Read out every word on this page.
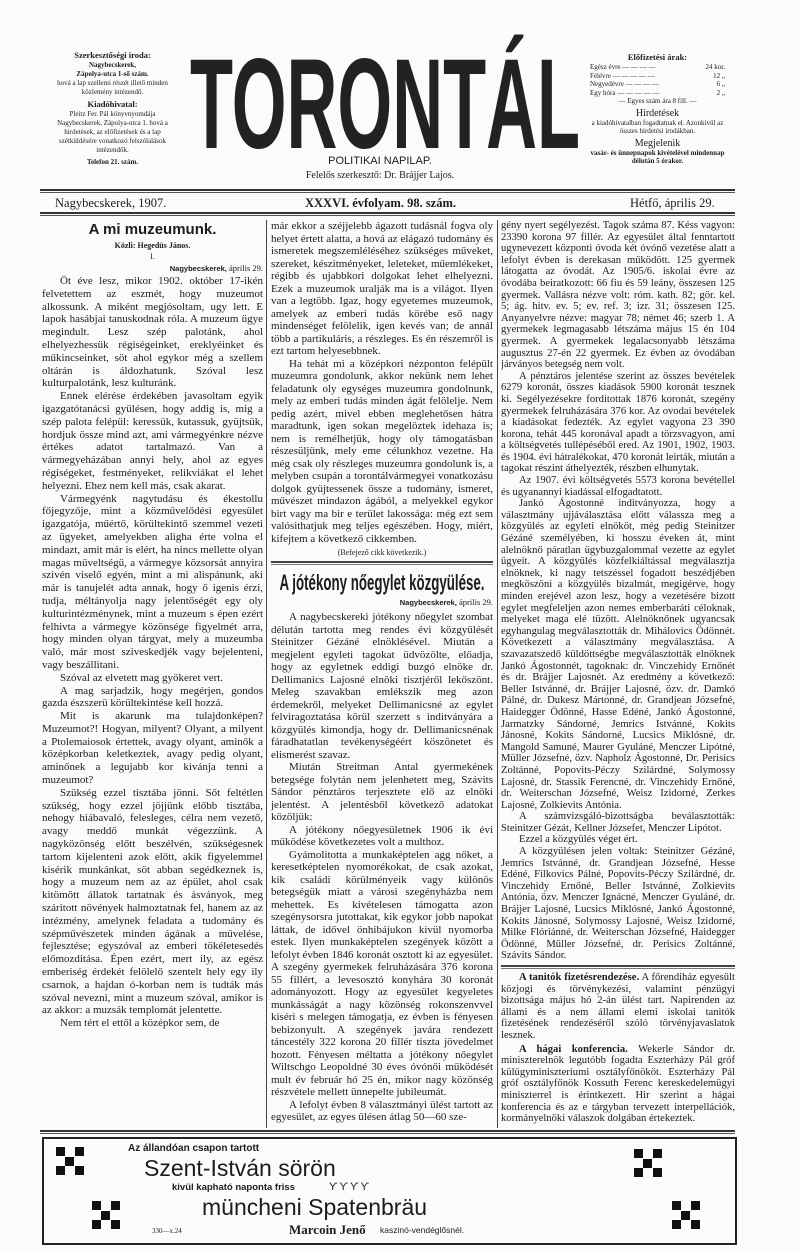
Szerkesztőségi iroda:
Nagybecskerek,
Zápolya-utca 1-ső szám.
hová a lap szellemi részét illető minden közlemény intézendő.
Kiadóhivatal:
Pleitz Fer. Pál könyvnyomdája Nagybecskerek, Zápolya-utca 1. hová a hirdetések, az előfizetések és a lap szétküldésére vonatkozó felszólalások intézendők.
Telefon 21. szám. TORONTÁL
POLITIKAI NAPILAP.
Felelős szerkesztő: Dr. Brájjer Lajos.
Előfizetési árak:
Egész évre — — — —	24 kor.
Félévre — — — — —	12 „
Negyedévre — — — —	6 „
Egy hóra — — — — —	2 „
— Egyes szám ára 8 fill. —
Hirdetések
a kiadóhivatalban fogadtatnak el. Azonkivül az összes hirdetési irodákban.
Megjelenik
vasár- és ünnepnapok kivételével mindennap délután 5 órakor.
Nagybecskerek, 1907.	XXXVI. évfolyam. 98. szám.	Hétfő, április 29.
A mi muzeumunk.
Közli: Hegedüs János.
I.
Nagybecskerek, április 29.

Öt éve lesz, mikor 1902. október 17-ikén felvetettem az eszmét, hogy muzeumot alkossunk. A miként megjósoltam, ugy lett. E lapok hasábjai tanuskodnak róla. A muzeum ügye megindult. Lesz szép palotánk, ahol elhelyezhessük régiségeinket, ereklyéinket és műkincseinket, söt ahol egykor még a szellem oltárán is áldozhatunk. Szóval lesz kulturpalotánk, lesz kulturánk.

Ennek elérése érdekében javasoltam egyik igazgatótanácsi gyülésen, hogy addig is, mig a szép palota felépül: keressük, kutassuk, gyüjtsük, hordjuk össze mind azt, ami vármegyénkre nézve értékes adatot tartalmazó. Van a vármegyeházában annyi hely, ahol az egyes régiségeket, festményeket, relikviákat el lehet helyezni. Ehez nem kell más, csak akarat.

Vármegyénk nagytudásu és ékestollu főjegyzője, mint a közművelődési egyesület igazgatója, műértő, körültekintő szemmel vezeti az ügyeket, amelyekben aligha érte volna el mindazt, amit már is elért, ha nincs mellette olyan magas műveltségü, a vármegye közsorsát annyira szivén viselő egyén, mint a mi alispánunk, aki már is tanujelét adta annak, hogy ő igenis érzi, tudja, méltányolja nagy jelentőségét egy oly kulturintézménynek, mint a muzeum s épen ezért felhivta a vármegye közönsége figyelmét arra, hogy minden olyan tárgyat, mely a muzeumba való, már most sziveskedjék vagy bejelenteni, vagy beszállitani.

Szóval az elvetett mag gyökeret vert.

A mag sarjadzik, hogy megérjen, gondos gazda észszerü körültekintése kell hozzá.

Mit is akarunk ma tulajdonképen? Muzeumot?! Hogyan, milyent? Olyant, a milyent a Ptolemaiosok értettek, avagy olyant, aminők a középkorban keletkeztek, avagy pedig olyant, aminőnek a legujabb kor kivánja tenni a muzeumot?

Szükség ezzel tisztába jönni. Sőt feltétlen szükség, hogy ezzel jöjjünk előbb tisztába, nehogy hiábavaló, felesleges, célra nem vezető, avagy meddő munkát végezzünk. A nagyközönség előtt beszélvén, szükségesnek tartom kijelenteni azok előtt, akik figyelemmel kisérik munkánkat, söt abban segédkeznek is, hogy a muzeum nem az az épület, ahol csak kitömött állatok tartatnak és ásványok, meg száritott növények halmoztatnak fel, hanem az az intézmény, amelynek feladata a tudomány és szépművészetek minden ágának a művelése, fejlesztése; egyszóval az emberi tökéletesedés előmozditása. Épen ezért, mert ily, az egész emberiség érdekét felölelő szentelt hely egy ily csarnok, a hajdan ó-korban nem is tudták más szóval nevezni, mint a muzeum szóval, amikor is az akkor: a muzsák templomát jelentette.

Nem tért el ettől a középkor sem, de

már ekkor a széjjelebb ágazott tudásnál fogva oly helyet értett alatta, a hová az elágazó tudomány és ismeretek megszemléléséhez szükséges műveket, szereket, készitményeket, leleteket, műemlékeket, régibb és ujabbkori dolgokat lehet elhelyezni. Ezek a muzeumok uralják ma is a világot. Ilyen van a legtöbb. Igaz, hogy egyetemes muzeumok, amelyek az emberi tudás körébe eső nagy mindenséget felölelik, igen kevés van; de annál több a partikuláris, a részleges. Es én részemről is ezt tartom helyesebbnek.

Ha tehát mi a középkori nézponton felépült muzeumra gondolunk, akkor nekünk nem lehet feladatunk oly egységes muzeumra gondolnunk, mely az emberi tudás minden ágát felölelje. Nem pedig azért, mivel ebben meglehetősen hátra maradtunk, igen sokan megelöztek idehaza is; nem is remélhetjük, hogy oly támogatásban részesüljünk, mely eme célunkhoz vezetne. Ha még csak oly részleges muzeumra gondolunk is, a melyben csupán a torontálvármegyei vonatkozásu dolgok gyüjtessenek össze a tudomány, ismeret, művészet mindazon ágából, a melyekkel egykor birt vagy ma bir e terület lakossága: még ezt sem valósithatjuk meg teljes egészében. Hogy, miért, kifejtem a következő cikkemben.

(Befejező cikk következik.)
A jótékony nőegylet közgyülése.
Nagybecskerek, április 29.

A nagybecskereki jótékony nőegylet szombat délután tartotta meg rendes évi közgyülését Steinitzer Gézáné elnöklésével. Miután a megjelent egyleti tagokat üdvözölte, előadja, hogy az egyletnek eddigi buzgó elnöke dr. Dellimanics Lajosné elnöki tisztjéről lekőszönt. Meleg szavakban emlékszik meg azon érdemekről, melyeket Dellimanicsné az egylet felviragoztatása körül szerzett s inditványára a közgyülés kimondja, hogy dr. Dellimanicsnénak fáradhatatlan tevékenységéért köszönetet és elismerést szavaz.

Miután Streitman Antal gyermekének betegsége folytán nem jelenhetett meg, Szávits Sándor pénztáros terjesztete elő az elnöki jelentést. A jelentésből következő adatokat közöljük:

A jótékony nőegyesületnek 1906 ik évi működése következetes volt a multhoz.

Gyámolitotta a munkaképtelen agg nőket, a keresetképtelen nyomorékokat, de csak azokat, kik családi körülményeik vagy különös betegségük miatt a városi szegényházba nem mehettek. Es kivételesen támogatta azon szegénysorsra jutottakat, kik egykor jobb napokat láttak, de idővel önhibájukon kivül nyomorba estek. Ilyen munkaképtelen szegények között a lefolyt évben 1846 koronát osztott ki az egyesület. A szegény gyermekek felruházására 376 korona 55 fillért, a levesosztó konyhára 30 koronát adományozott. Hogy az egyesület kegyeletes munkásságát a nagy közönség rokonszenvvel kiséri s melegen támogatja, ez évben is fényesen bebizonyult. A szegények javára rendezett táncestély 322 korona 20 fillér tiszta jövedelmet hozott. Fényesen méltatta a jótékony nőegylet Wiltschgo Leopoldné 30 éves óvónői működését mult év február hó 25 én, mikor nagy közönség részvétele mellett ünnepelte jubileumát.

A lefolyt évben 8 választmányi ülést tartott az egyesület, az egyes ülésen átlag 50—60 sze-

gény nyert segélyezést. Tagok száma 87. Késs vagyon: 23390 korona 97 fillér. Az egyesület által fenntartott ugynevezett központi óvoda két óvónő vezetése alatt a lefolyt évben is derekasan működött. 125 gyermek látogatta az óvodát. Az 1905/6. iskolai évre az óvodába beiratkozott: 66 fiu és 59 leány, összesen 125 gyermek. Vallásra nézve volt: róm. kath. 82; gör. kel. 5; ág. hitv. ev. 5; ev. ref. 3; izr. 31; összesen 125. Anyanyelvre nézve: magyar 78; német 46; szerb 1. A gyermekek legmagasabb létszáma május 15 én 104 gyermek. A gyermekek legalacsonyabb létszáma augusztus 27-én 22 gyermek. Ez évben az óvodában járványos betegség nem volt.

A pénztáros jelentése szerint az összes bevételek 6279 koronát, összes kiadások 5900 koronát tesznek ki. Segélyezésekre forditottak 1876 koronát, szegény gyermekek felruházására 376 kor. Az ovodai bevételek a kiadásokat fedezték. Az egylet vagyona 23 390 korona, tehát 445 koronával apadt a törzsvagyon, ami a költségvetés tullépéséből ered. Az 1901, 1902, 1903. és 1904. évi hátralékokat, 470 koronát leirták, miután a tagokat részint áthelyezték, részben elhunytak.

Az 1907. évi költségvetés 5573 korona bevétellel és ugyanannyi kiadással elfogadtatott.

Jankó Ágostonné inditványozza, hogy a választmány ujjáválasztása előtt válassza meg a közgyülés az egyleti elnököt, még pedig Steinitzer Gézáné személyében, ki hosszu éveken át, mint alelnöknő páratlan ügybuzgalommal vezette az egylet ügyeit. A közgyülés közfelkiáltással megválasztja elnöknek, ki nagy tetszéssel fogadott beszédjében megköszöni a közgyülés bizalmát, megigérve, hogy minden erejével azon lesz, hogy a vezetésére bizott egylet megfeleljen azon nemes emberbaráti céloknak, melyeket maga elé tüzött. Alelnöknőnek ugyancsak egyhangulag megválasztották dr. Mihálovics Ödönnét. Következett a választmány megválasztása. A szavazatszedő küldöttségbe megválasztották elnöknek Jankó Ágostonnét, tagoknak: dr. Vinczehidy Ernőnét és dr. Brájjer Lajosnét. Az eredmény a következő: Beller Istvánné, dr. Brájjer Lajosné, özv. dr. Damkó Pálné, dr. Dukesz Mártonné, dr. Grandjean Józsefné, Haidegger Ödönné, Hasse Edéné, Jankó Ágostonné, Jarmatzky Sándorné, Jemrics Istvánné, Kokits Jánosné, Kokits Sándorné, Lucsics Miklósné, dr. Mangold Samuné, Maurer Gyuláné, Menczer Lipótné, Müller Józsefné, özv. Napholz Ágostonné, Dr. Perisics Zoltánné, Popovits-Péczy Szilárdné, Solymossy Lajosné, dr. Stassik Ferencné, dr. Vinczehidy Ernőné, dr. Weiterschan Józsefné, Weisz Izidorné, Zerkes Lajosné, Zolkievits Antónia.

A számvizsgáló-bizottságba beválasztották: Steinitzer Gézát, Kellner Józsefet, Menczer Lipótot.

Ezzel a közgyülés véget ért.

A közgyülésen jelen voltak: Steinitzer Gézáné, Jemrics Istvánné, dr. Grandjean Józsefné, Hesse Edéné, Filkovics Pálné, Popovits-Péczy Szilárdné, dr. Vinczehidy Ernőné, Beller Istvánné, Zolkievits Antónia, özv. Menczer Ignácné, Menczer Gyuláné, dr. Brájjer Lajosné, Lucsics Miklósné, Jankó Ágostonné, Kokits Jánosné, Solymossy Lajosné, Weisz Izidorné, Milke Flóriánné, dr. Weiterschan Józsefné, Haidegger Ödönné, Müller Józsefné, dr. Perisics Zoltánné, Szávits Sándor.

A tanitók fizetésrendezése. A főrendiház egyesült közjogi és törvénykezési, valamint pénzügyi bizottsága május hó 2-án ülést tart. Napirenden az állami és a nem állami elemi iskolai tanitók fizetésének rendezéséről szóló törvényjavaslatok lesznek.

A hágai konferencia. Wekerle Sándor dr. miniszterelnök legutóbb fogadta Eszterházy Pál gróf külügyminiszteriumi osztályfőnököt. Eszterházy Pál gróf osztályfőnök Kossuth Ferenc kereskedelemügyi miniszterrel is érintkezett. Hir szerint a hágai konferencia és az e tárgyban tervezett interpellációk, kormányelnöki válaszok dolgában értekeztek.

Az állandóan csapon tartott
Szent-István sörön
kivül kapható naponta friss	ϒϒϒϒ
müncheni Spatenbräu
330—x.24	Marcoin Jenő kaszinó-vendéglősnél.
